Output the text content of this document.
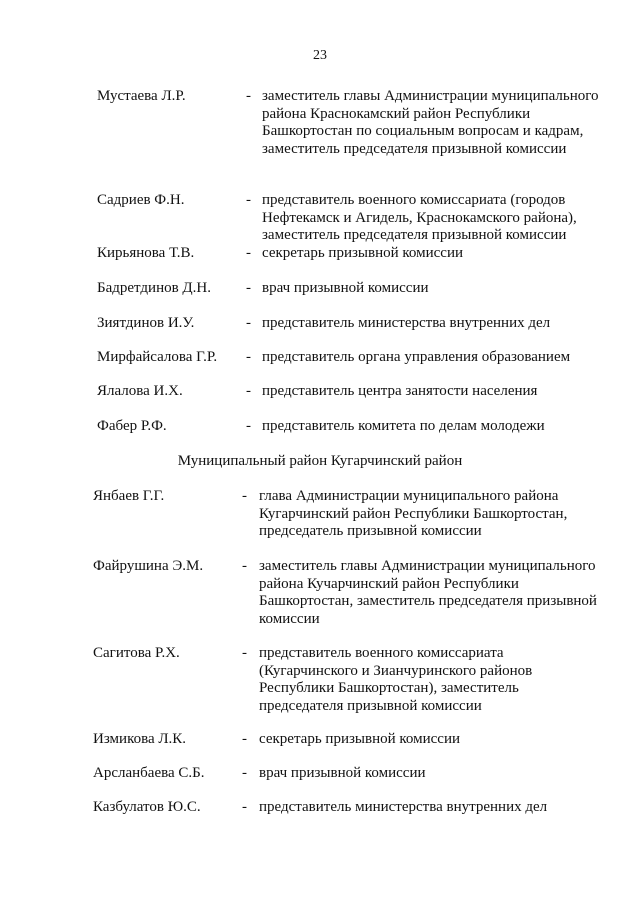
23
Мустаева Л.Р.	- заместитель главы Администрации муниципального района Краснокамский район Республики Башкортостан по социальным вопросам и кадрам, заместитель председателя призывной комиссии
Садриев Ф.Н.	- представитель военного комиссариата (городов Нефтекамск и Агидель, Краснокамского района), заместитель председателя призывной комиссии
Кирьянова Т.В.	- секретарь призывной комиссии
Бадретдинов Д.Н. - врач призывной комиссии
Зиятдинов И.У.	- представитель министерства внутренних дел
Мирфайсалова Г.Р. - представитель органа управления образованием
Ялалова И.Х.	- представитель центра занятости населения
Фабер Р.Ф.	- представитель комитета по делам молодежи
Муниципальный район Кугарчинский район
Янбаев Г.Г.	- глава Администрации муниципального района Кугарчинский район Республики Башкортостан, председатель призывной комиссии
Файрушина Э.М.	- заместитель главы Администрации муниципального района Кучарчинский район Республики Башкортостан, заместитель председателя призывной комиссии
Сагитова Р.Х.	- представитель военного комиссариата (Кугарчинского и Зианчуринского районов Республики Башкортостан), заместитель председателя призывной комиссии
Измикова Л.К.	- секретарь призывной комиссии
Арсланбаева С.Б. - врач призывной комиссии
Казбулатов Ю.С.	- представитель министерства внутренних дел
